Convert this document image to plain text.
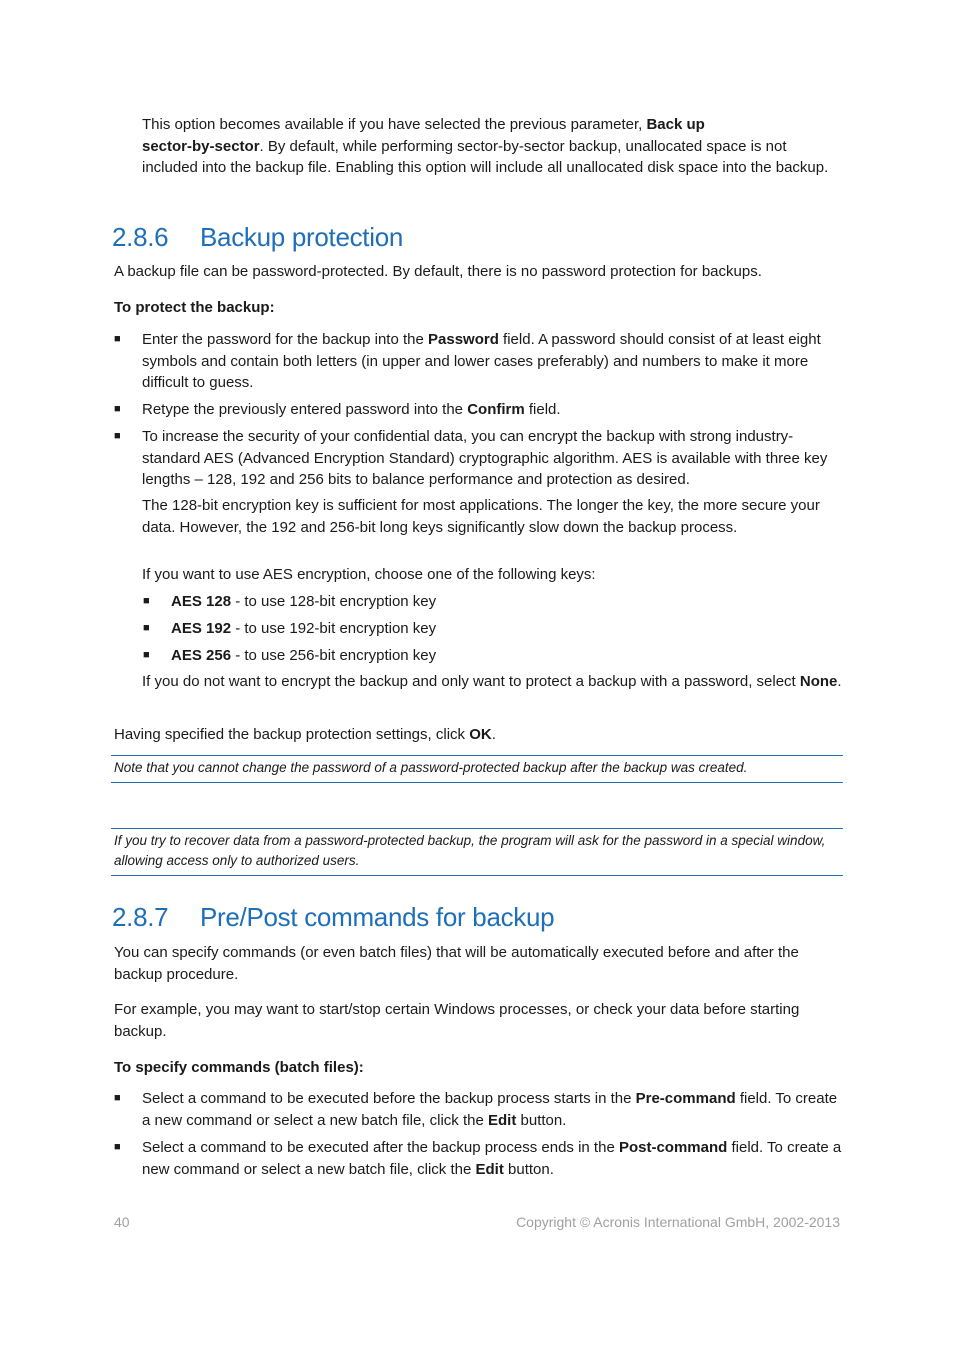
This option becomes available if you have selected the previous parameter, Back up
sector-by-sector. By default, while performing sector-by-sector backup, unallocated space is not included into the backup file. Enabling this option will include all unallocated disk space into the backup.

2.8.6 Backup protection

A backup file can be password-protected. By default, there is no password protection for backups.

To protect the backup:

■ Enter the password for the backup into the Password field. A password should consist of at least eight symbols and contain both letters (in upper and lower cases preferably) and numbers to make it more difficult to guess.

■ Retype the previously entered password into the Confirm field.

■ To increase the security of your confidential data, you can encrypt the backup with strong industry-standard AES (Advanced Encryption Standard) cryptographic algorithm. AES is available with three key lengths – 128, 192 and 256 bits to balance performance and protection as desired.

The 128-bit encryption key is sufficient for most applications. The longer the key, the more secure your data. However, the 192 and 256-bit long keys significantly slow down the backup process.

If you want to use AES encryption, choose one of the following keys:

■ AES 128 - to use 128-bit encryption key

■ AES 192 - to use 192-bit encryption key

■ AES 256 - to use 256-bit encryption key

If you do not want to encrypt the backup and only want to protect a backup with a password, select None.

Having specified the backup protection settings, click OK.

Note that you cannot change the password of a password-protected backup after the backup was created.
If you try to recover data from a password-protected backup, the program will ask for the password in a special window, allowing access only to authorized users.
2.8.7 Pre/Post commands for backup

You can specify commands (or even batch files) that will be automatically executed before and after the backup procedure.

For example, you may want to start/stop certain Windows processes, or check your data before starting backup.

To specify commands (batch files):

■ Select a command to be executed before the backup process starts in the Pre-command field. To create a new command or select a new batch file, click the Edit button.

■ Select a command to be executed after the backup process ends in the Post-command field. To create a new command or select a new batch file, click the Edit button.

40	Copyright © Acronis International GmbH, 2002-2013
